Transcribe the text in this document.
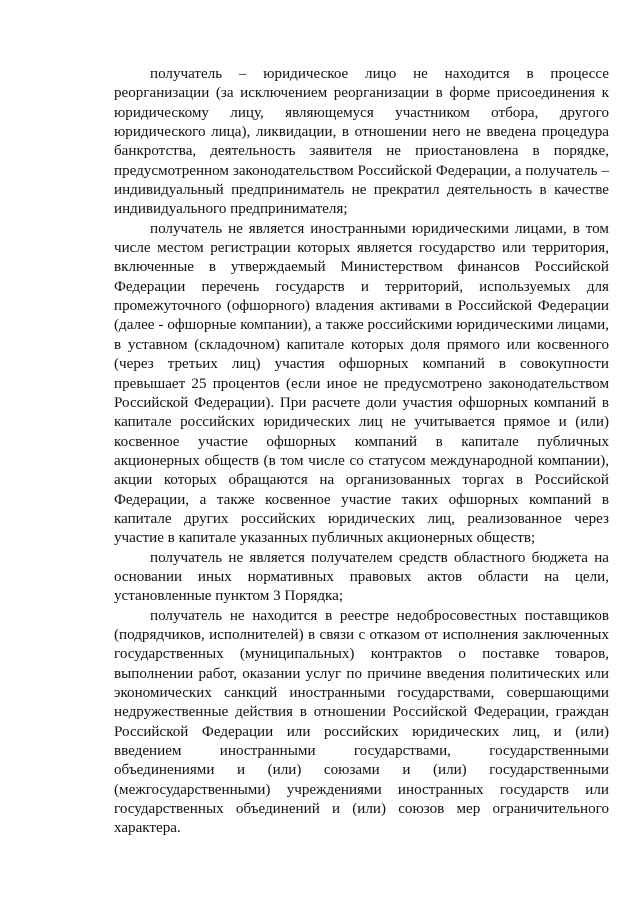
получатель – юридическое лицо не находится в процессе реорганизации (за исключением реорганизации в форме присоединения к юридическому лицу, являющемуся участником отбора, другого юридического лица), ликвидации, в отношении него не введена процедура банкротства, деятельность заявителя не приостановлена в порядке, предусмотренном законодательством Российской Федерации, а получатель – индивидуальный предприниматель не прекратил деятельность в качестве индивидуального предпринимателя;

получатель не является иностранными юридическими лицами, в том числе местом регистрации которых является государство или территория, включенные в утверждаемый Министерством финансов Российской Федерации перечень государств и территорий, используемых для промежуточного (офшорного) владения активами в Российской Федерации (далее - офшорные компании), а также российскими юридическими лицами, в уставном (складочном) капитале которых доля прямого или косвенного (через третьих лиц) участия офшорных компаний в совокупности превышает 25 процентов (если иное не предусмотрено законодательством Российской Федерации). При расчете доли участия офшорных компаний в капитале российских юридических лиц не учитывается прямое и (или) косвенное участие офшорных компаний в капитале публичных акционерных обществ (в том числе со статусом международной компании), акции которых обращаются на организованных торгах в Российской Федерации, а также косвенное участие таких офшорных компаний в капитале других российских юридических лиц, реализованное через участие в капитале указанных публичных акционерных обществ;

получатель не является получателем средств областного бюджета на основании иных нормативных правовых актов области на цели, установленные пунктом 3 Порядка;

получатель не находится в реестре недобросовестных поставщиков (подрядчиков, исполнителей) в связи с отказом от исполнения заключенных государственных (муниципальных) контрактов о поставке товаров, выполнении работ, оказании услуг по причине введения политических или экономических санкций иностранными государствами, совершающими недружественные действия в отношении Российской Федерации, граждан Российской Федерации или российских юридических лиц, и (или) введением иностранными государствами, государственными объединениями и (или) союзами и (или) государственными (межгосударственными) учреждениями иностранных государств или государственных объединений и (или) союзов мер ограничительного характера.
